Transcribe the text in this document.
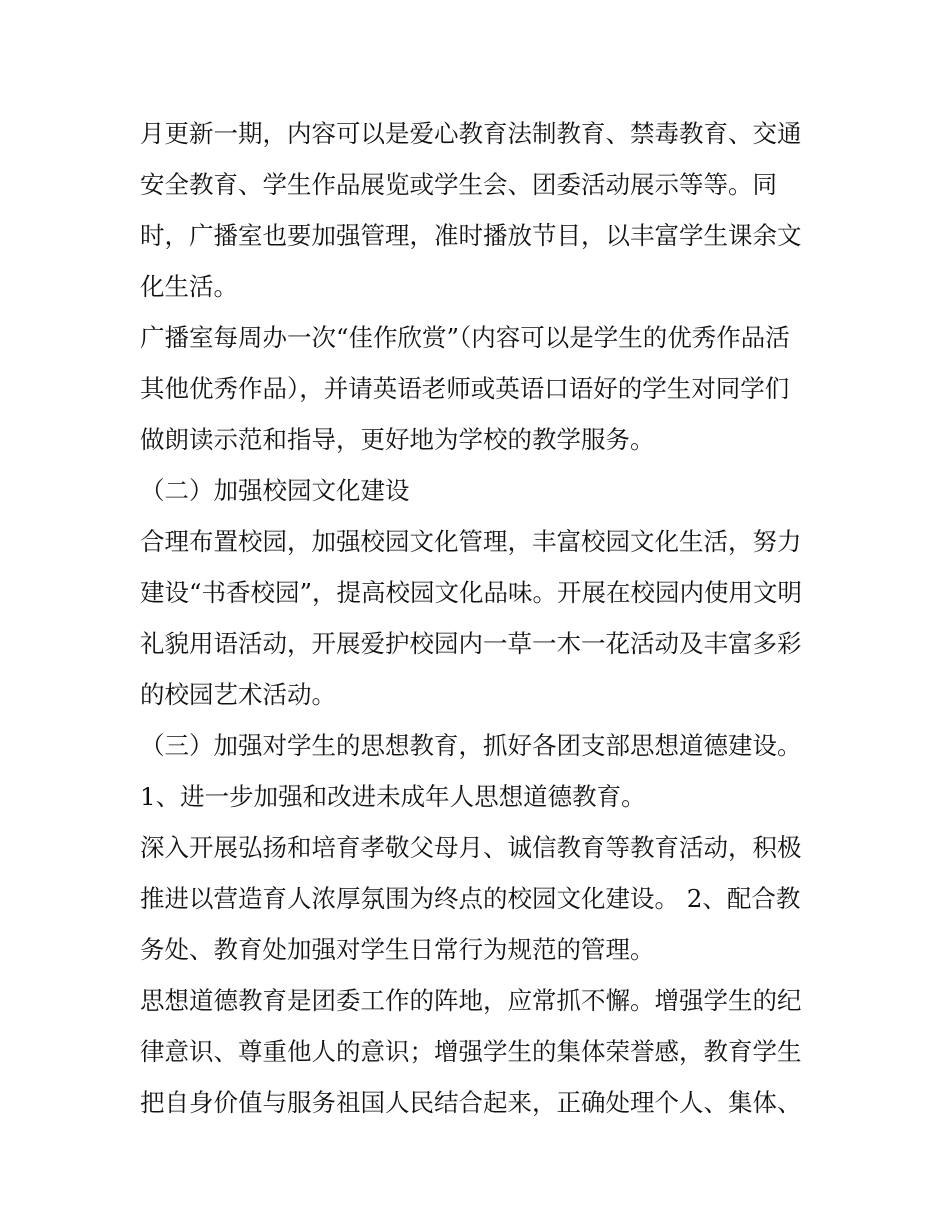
月更新一期，内容可以是爱心教育法制教育、禁毒教育、交通
安全教育、学生作品展览或学生会、团委活动展示等等。同
时，广播室也要加强管理，准时播放节目，以丰富学生课余文
化生活。
广播室每周办一次“佳作欣赏”（内容可以是学生的优秀作品活
其他优秀作品），并请英语老师或英语口语好的学生对同学们
做朗读示范和指导，更好地为学校的教学服务。
（二）加强校园文化建设
合理布置校园，加强校园文化管理，丰富校园文化生活，努力
建设“书香校园”，提高校园文化品味。开展在校园内使用文明
礼貌用语活动，开展爱护校园内一草一木一花活动及丰富多彩
的校园艺术活动。
（三）加强对学生的思想教育，抓好各团支部思想道德建设。
1、进一步加强和改进未成年人思想道德教育。
深入开展弘扬和培育孝敬父母月、诚信教育等教育活动，积极
推进以营造育人浓厚氛围为终点的校园文化建设。 2、配合教
务处、教育处加强对学生日常行为规范的管理。
思想道德教育是团委工作的阵地，应常抓不懈。增强学生的纪
律意识、尊重他人的意识；增强学生的集体荣誉感，教育学生
把自身价值与服务祖国人民结合起来，正确处理个人、集体、
